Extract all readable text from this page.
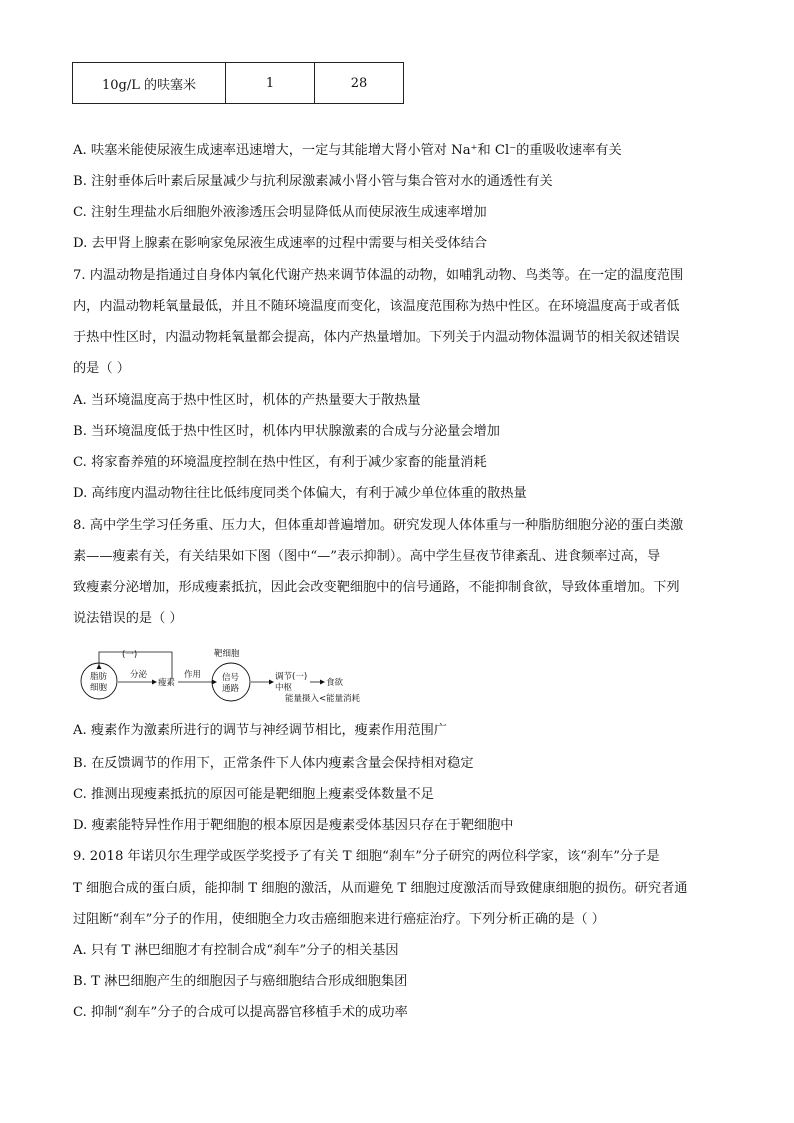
10g/L 的呋塞米	1	28
A. 呋塞米能使尿液生成速率迅速增大，一定与其能增大肾小管对 Na⁺和 Cl⁻的重吸收速率有关
B. 注射垂体后叶素后尿量减少与抗利尿激素减小肾小管与集合管对水的通透性有关
C. 注射生理盐水后细胞外液渗透压会明显降低从而使尿液生成速率增加
D. 去甲肾上腺素在影响家兔尿液生成速率的过程中需要与相关受体结合
7. 内温动物是指通过自身体内氧化代谢产热来调节体温的动物，如哺乳动物、鸟类等。在一定的温度范围
内，内温动物耗氧量最低，并且不随环境温度而变化，该温度范围称为热中性区。在环境温度高于或者低
于热中性区时，内温动物耗氧量都会提高，体内产热量增加。下列关于内温动物体温调节的相关叙述错误
的是（ ）
A. 当环境温度高于热中性区时，机体的产热量要大于散热量
B. 当环境温度低于热中性区时，机体内甲状腺激素的合成与分泌量会增加
C. 将家畜养殖的环境温度控制在热中性区，有利于减少家畜的能量消耗
D. 高纬度内温动物往往比低纬度同类个体偏大，有利于减少单位体重的散热量
8. 高中学生学习任务重、压力大，但体重却普遍增加。研究发现人体体重与一种脂肪细胞分泌的蛋白类激
素——瘦素有关，有关结果如下图（图中“—”表示抑制）。高中学生昼夜节律紊乱、进食频率过高，导
致瘦素分泌增加，形成瘦素抵抗，因此会改变靶细胞中的信号通路，不能抑制食欲，导致体重增加。下列
说法错误的是（ ）
(一)
脂肪
细胞
分泌
瘦素
作用
靶细胞
信号
通路
调节(一)
中枢	食欲
能量摄入<能量消耗
A. 瘦素作为激素所进行的调节与神经调节相比，瘦素作用范围广
B. 在反馈调节的作用下，正常条件下人体内瘦素含量会保持相对稳定
C. 推测出现瘦素抵抗的原因可能是靶细胞上瘦素受体数量不足
D. 瘦素能特异性作用于靶细胞的根本原因是瘦素受体基因只存在于靶细胞中
9. 2018 年诺贝尔生理学或医学奖授予了有关 T 细胞“刹车”分子研究的两位科学家，该“刹车”分子是
T 细胞合成的蛋白质，能抑制 T 细胞的激活，从而避免 T 细胞过度激活而导致健康细胞的损伤。研究者通
过阻断“刹车”分子的作用，使细胞全力攻击癌细胞来进行癌症治疗。下列分析正确的是（ ）
A. 只有 T 淋巴细胞才有控制合成“刹车”分子的相关基因
B. T 淋巴细胞产生的细胞因子与癌细胞结合形成细胞集团
C. 抑制“刹车”分子的合成可以提高器官移植手术的成功率
